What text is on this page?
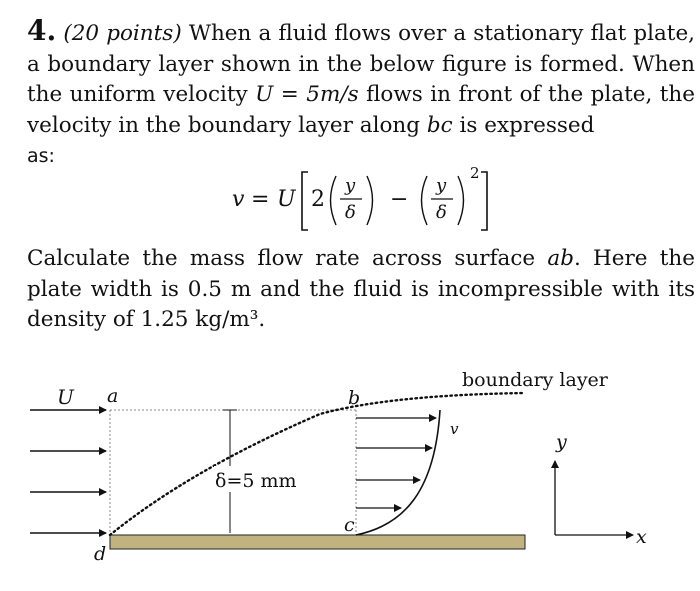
4. (20 points) When a fluid flows over a stationary flat plate, a boundary layer shown in the below figure is formed. When the uniform velocity U = 5m/s flows in front of the plate, the velocity in the boundary layer along bc is expressed

as:

v = U 2
y
δ
−
y
δ
2

Calculate the mass flow rate across surface ab. Here the plate width is 0.5 m and the fluid is incompressible with its density of 1.25 kg/m³.

δ=5 mm
U a	b
c
d
v
boundary layer
y
x
